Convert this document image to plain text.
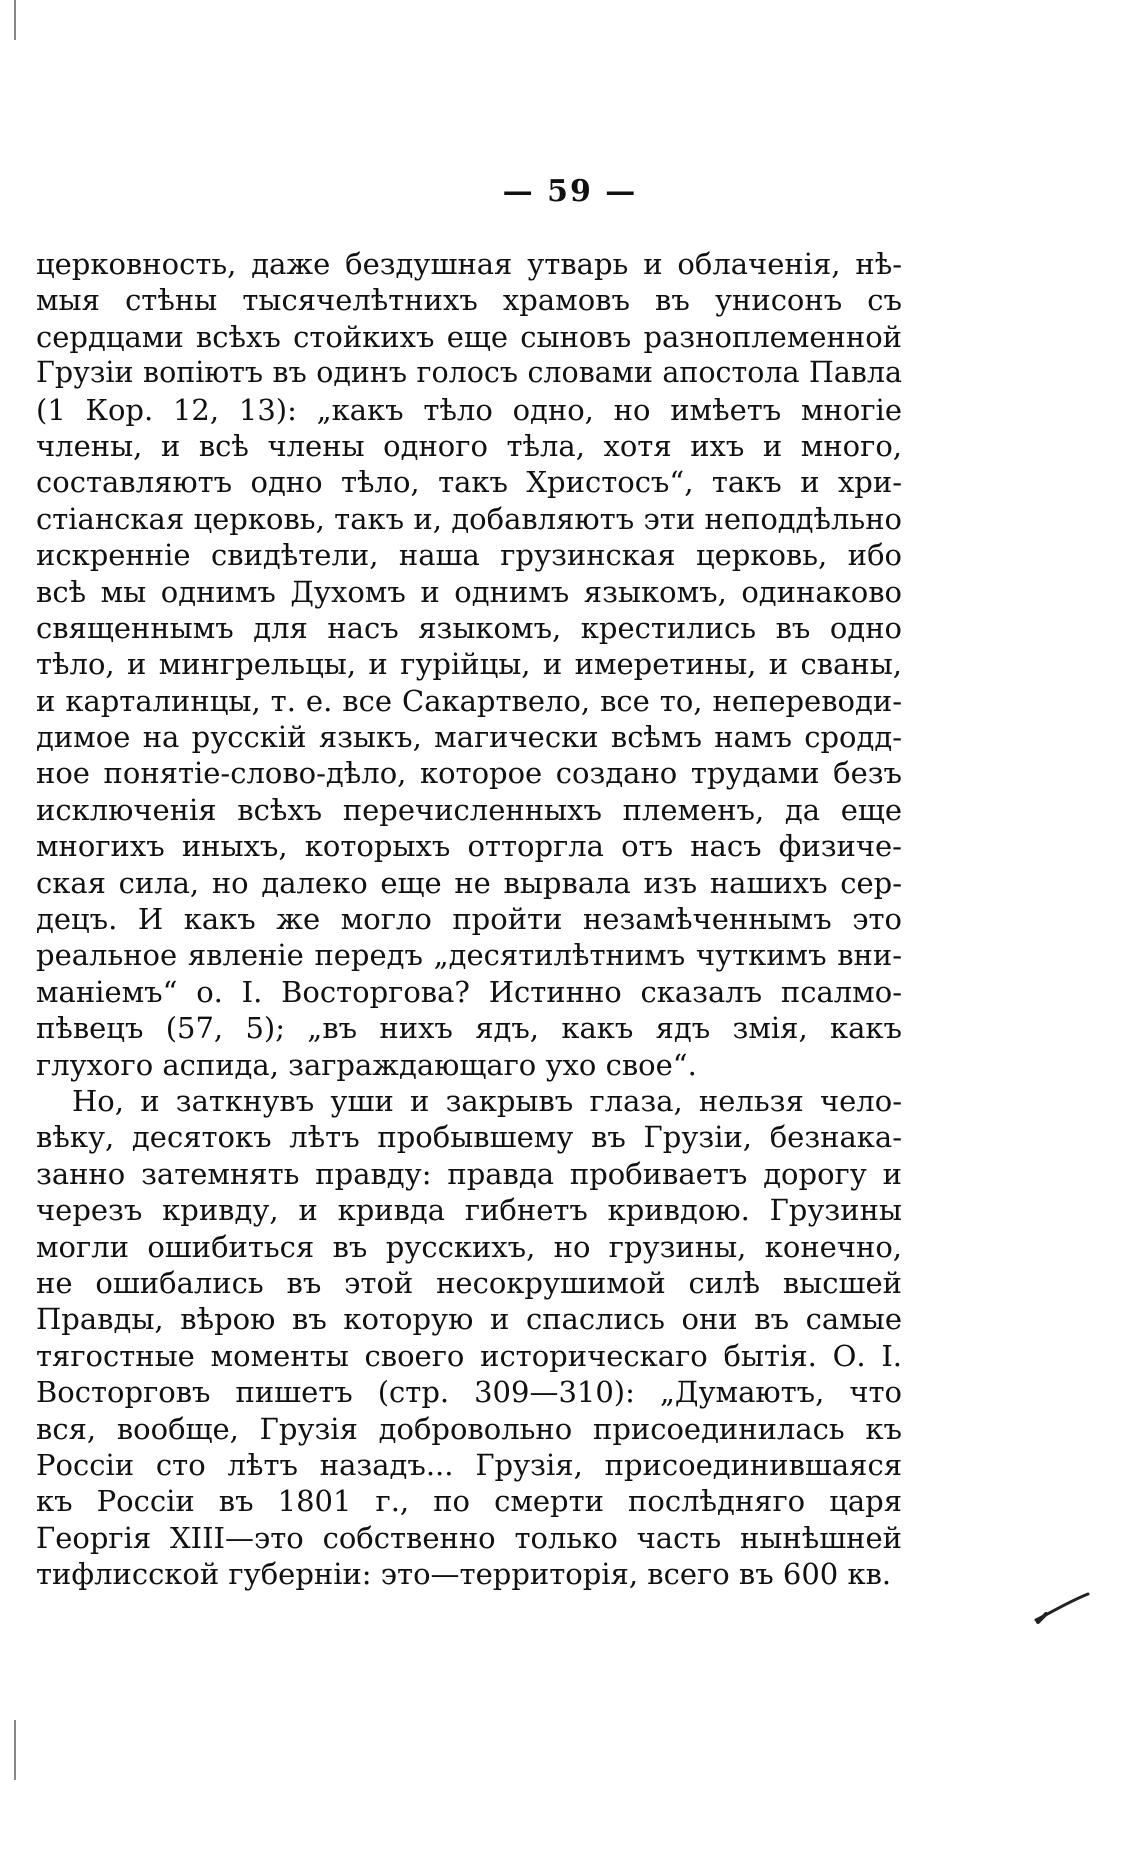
— 59 —
церковность, даже бездушная утварь и облаченія, нѣ-
мыя стѣны тысячелѣтнихъ храмовъ въ унисонъ съ
сердцами всѣхъ стойкихъ еще сыновъ разноплеменной
Грузіи вопіютъ въ одинъ голосъ словами апостола Павла
(1 Кор. 12, 13): „какъ тѣло одно, но имѣетъ многіе
члены, и всѣ члены одного тѣла, хотя ихъ и много,
составляютъ одно тѣло, такъ Христосъ“, такъ и хри-
стіанская церковь, такъ и, добавляютъ эти неподдѣльно
искренніе свидѣтели, наша грузинская церковь, ибо
всѣ мы однимъ Духомъ и однимъ языкомъ, одинаково
священнымъ для насъ языкомъ, крестились въ одно
тѣло, и мингрельцы, и гурійцы, и имеретины, и сваны,
и карталинцы, т. е. все Сакартвело, все то, непереводи-
димое на русскій языкъ, магически всѣмъ намъ сродд-
ное понятіе-слово-дѣло, которое создано трудами безъ
исключенія всѣхъ перечисленныхъ племенъ, да еще
многихъ иныхъ, которыхъ отторгла отъ насъ физиче-
ская сила, но далеко еще не вырвала изъ нашихъ сер-
децъ. И какъ же могло пройти незамѣченнымъ это
реальное явленіе передъ „десятилѣтнимъ чуткимъ вни-
маніемъ“ о. I. Восторгова? Истинно сказалъ псалмо-
пѣвецъ (57, 5); „въ нихъ ядъ, какъ ядъ змія, какъ
глухого аспида, заграждающаго ухо свое“.
Но, и заткнувъ уши и закрывъ глаза, нельзя чело-
вѣку, десятокъ лѣтъ пробывшему въ Грузіи, безнака-
занно затемнять правду: правда пробиваетъ дорогу и
черезъ кривду, и кривда гибнетъ кривдою. Грузины
могли ошибиться въ русскихъ, но грузины, конечно,
не ошибались въ этой несокрушимой силѣ высшей
Правды, вѣрою въ которую и спаслись они въ самые
тягостные моменты своего историческаго бытія. О. I.
Восторговъ пишетъ (стр. 309—310): „Думаютъ, что
вся, вообще, Грузія добровольно присоединилась къ
Россіи сто лѣтъ назадъ... Грузія, присоединившаяся
къ Россіи въ 1801 г., по смерти послѣдняго царя
Георгія XIII—это собственно только часть нынѣшней
тифлисской губерніи: это—территорія, всего въ 600 кв.
